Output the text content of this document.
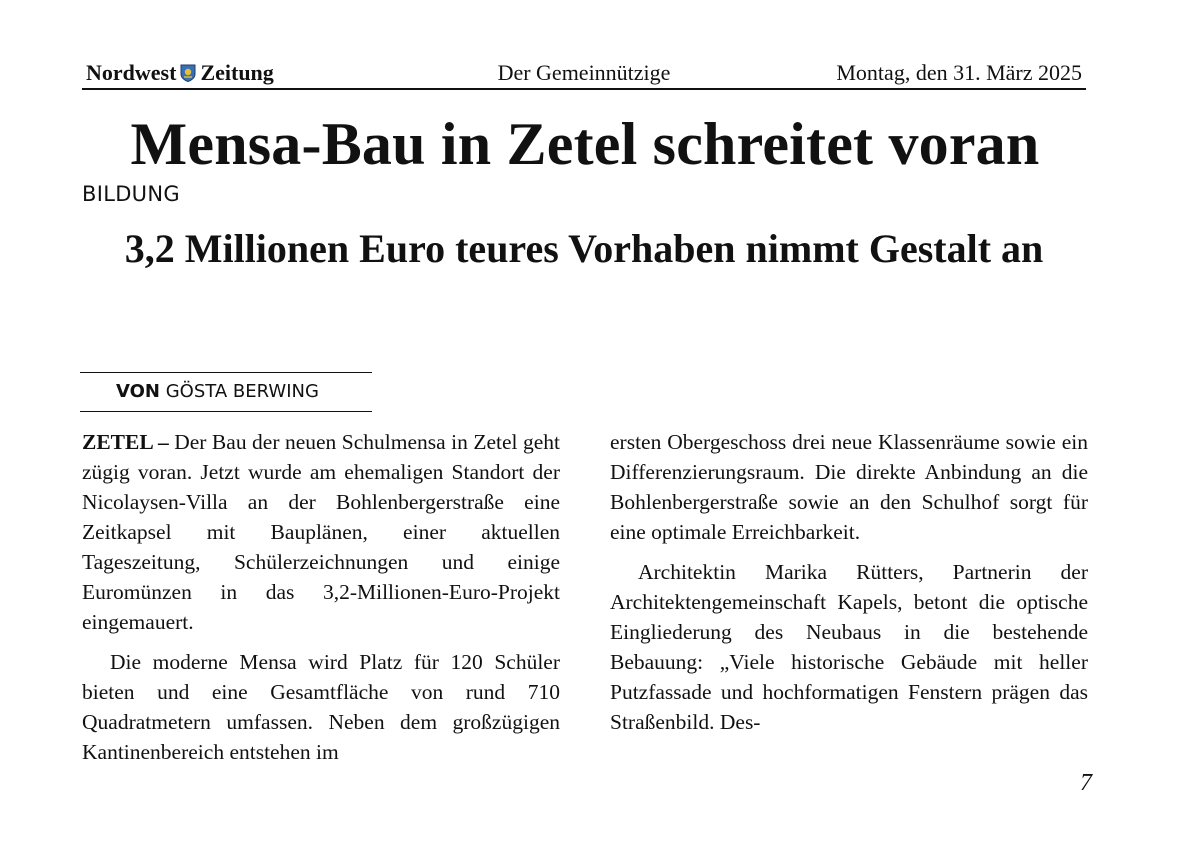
Nordwest Zeitung	Der Gemeinnützige	Montag, den 31. März 2025
Mensa-Bau in Zetel schreitet voran
BILDUNG
3,2 Millionen Euro teures Vorhaben nimmt Gestalt an
VON GÖSTA BERWING

ZETEL – Der Bau der neuen Schulmensa in Zetel geht zügig voran. Jetzt wurde am ehemaligen Standort der Nicolaysen-Villa an der Bohlenbergerstraße eine Zeitkapsel mit Bauplänen, einer aktuellen Tageszeitung, Schülerzeichnungen und einige Euromünzen in das 3,2-Millionen-Euro-Projekt eingemauert.

Die moderne Mensa wird Platz für 120 Schüler bieten und eine Gesamtfläche von rund 710 Quadratmetern umfassen. Neben dem großzügigen Kantinenbereich entstehen im

ersten Obergeschoss drei neue Klassenräume sowie ein Differenzierungsraum. Die direkte Anbindung an die Bohlenbergerstraße sowie an den Schulhof sorgt für eine optimale Erreichbarkeit.

Architektin Marika Rütters, Partnerin der Architektengemeinschaft Kapels, betont die optische Eingliederung des Neubaus in die bestehende Bebauung: „Viele historische Gebäude mit heller Putzfassade und hochformatigen Fenstern prägen das Straßenbild. Des-

7
